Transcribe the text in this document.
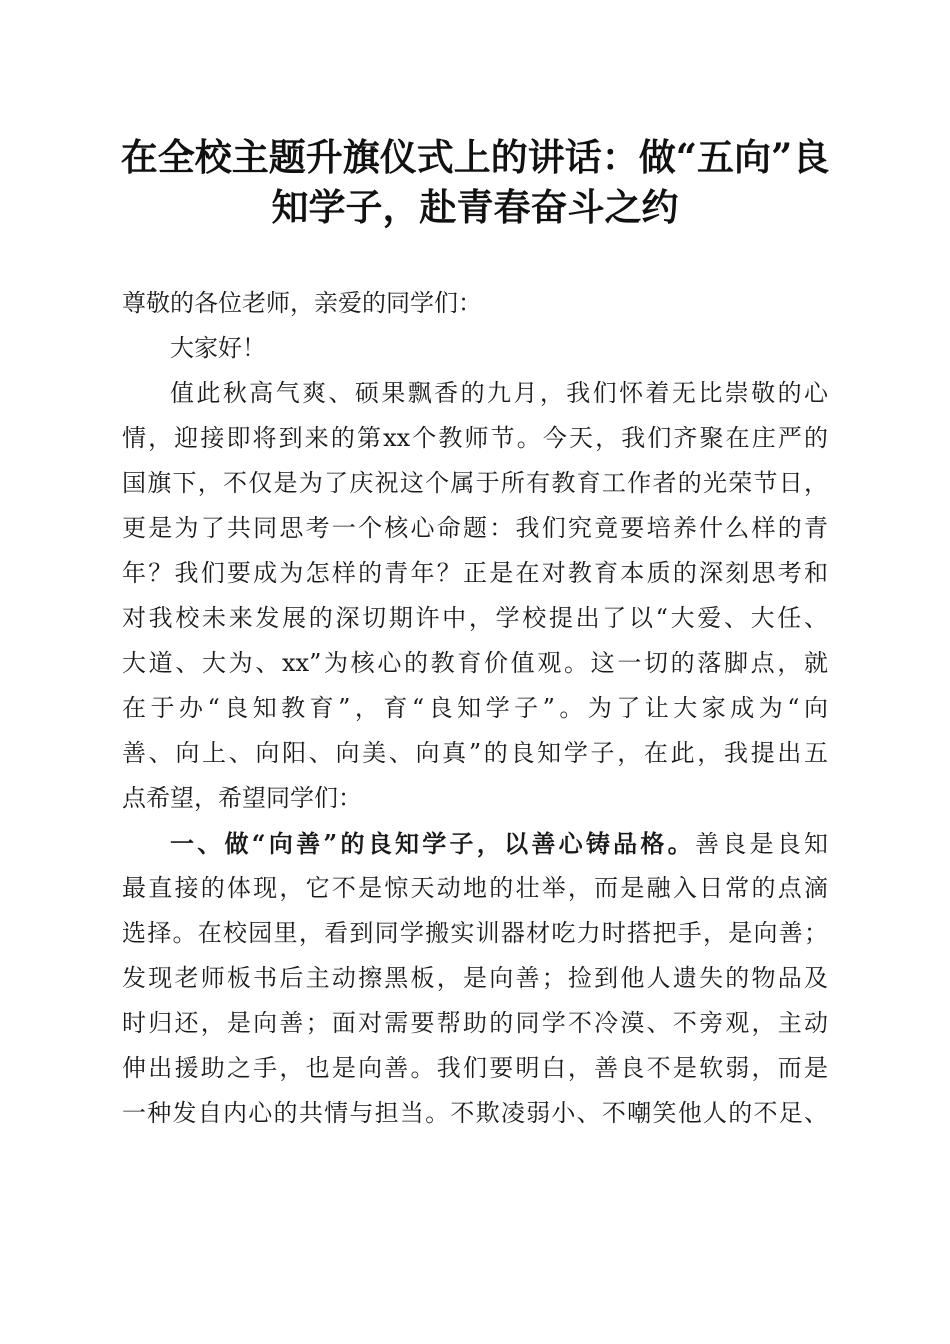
在全校主题升旗仪式上的讲话：做“五向”良
知学子，赴青春奋斗之约
尊敬的各位老师，亲爱的同学们：
大家好！
值此秋高气爽、硕果飘香的九月，我们怀着无比崇敬的心
情，迎接即将到来的第xx个教师节。今天，我们齐聚在庄严的
国旗下，不仅是为了庆祝这个属于所有教育工作者的光荣节日，
更是为了共同思考一个核心命题：我们究竟要培养什么样的青
年？我们要成为怎样的青年？正是在对教育本质的深刻思考和
对我校未来发展的深切期许中，学校提出了以“大爱、大任、
大道、大为、xx”为核心的教育价值观。这一切的落脚点，就
在于办“良知教育”，育“良知学子”。为了让大家成为“向
善、向上、向阳、向美、向真”的良知学子，在此，我提出五
点希望，希望同学们：
一、做“向善”的良知学子，以善心铸品格。善良是良知
最直接的体现，它不是惊天动地的壮举，而是融入日常的点滴
选择。在校园里，看到同学搬实训器材吃力时搭把手，是向善；
发现老师板书后主动擦黑板，是向善；捡到他人遗失的物品及
时归还，是向善；面对需要帮助的同学不冷漠、不旁观，主动
伸出援助之手，也是向善。我们要明白，善良不是软弱，而是
一种发自内心的共情与担当。不欺凌弱小、不嘲笑他人的不足、
